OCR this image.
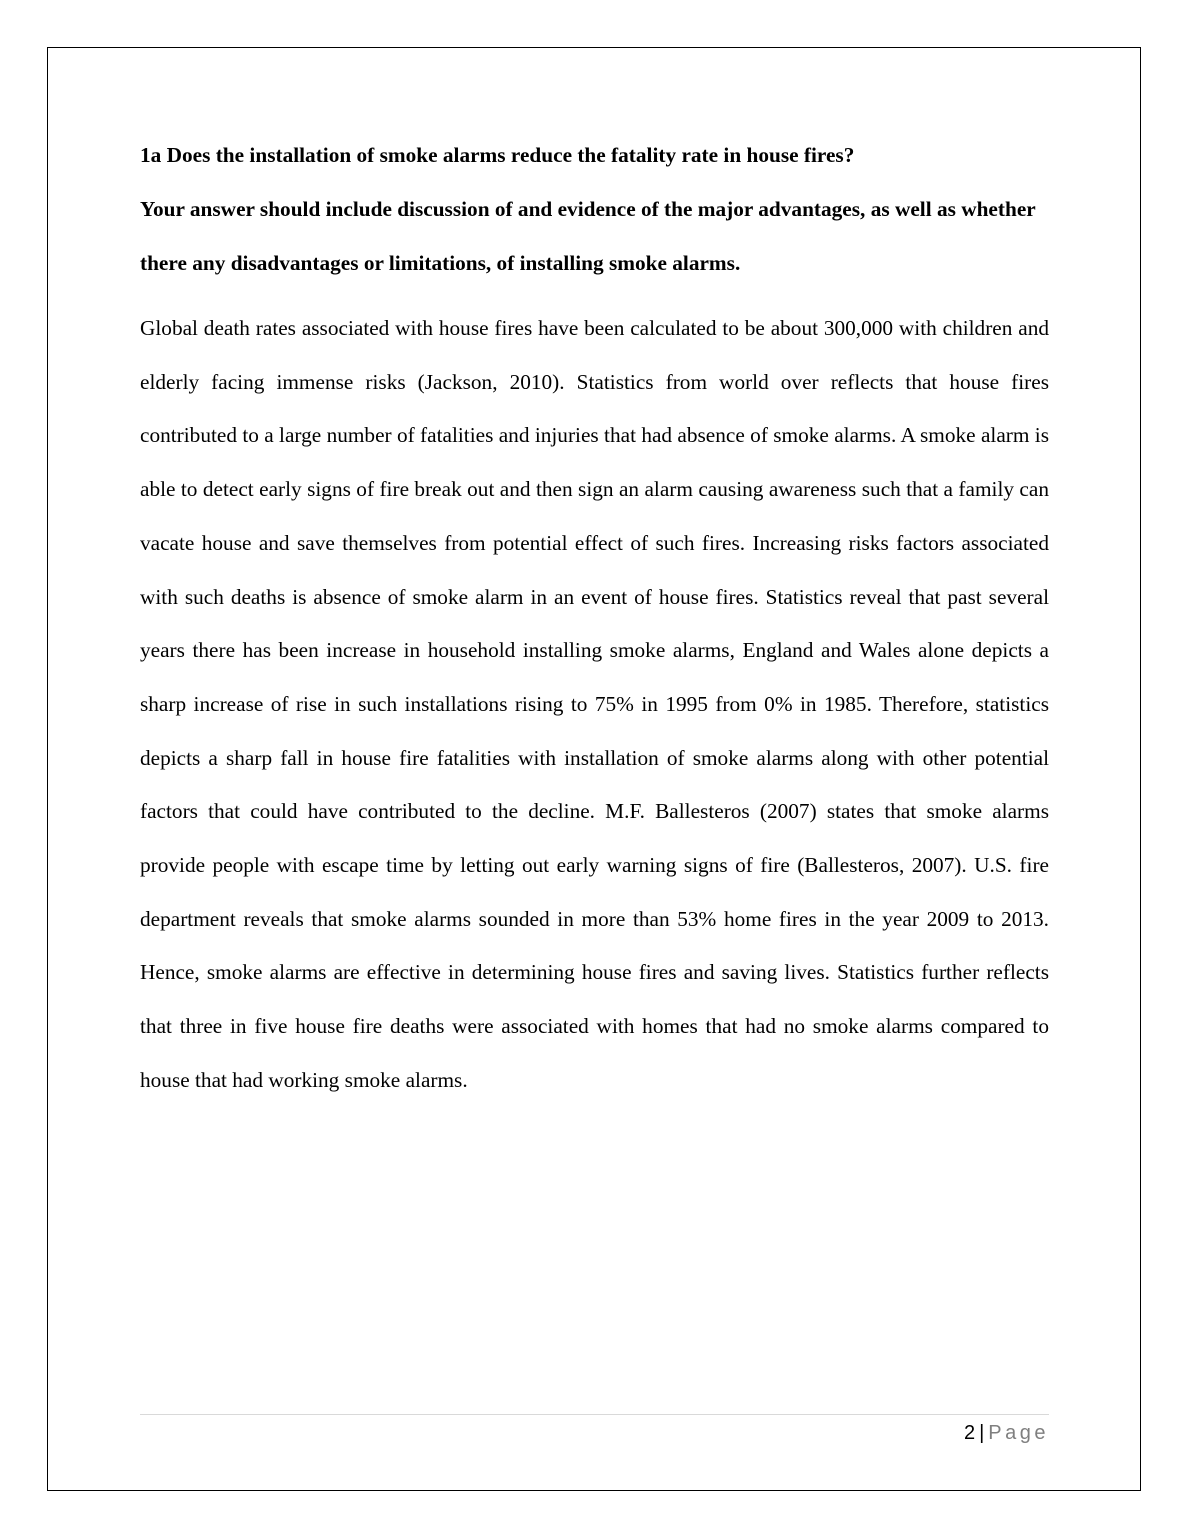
1a Does the installation of smoke alarms reduce the fatality rate in house fires?

Your answer should include discussion of and evidence of the major advantages, as well as whether there any disadvantages or limitations, of installing smoke alarms.

Global death rates associated with house fires have been calculated to be about 300,000 with children and elderly facing immense risks (Jackson, 2010). Statistics from world over reflects that house fires contributed to a large number of fatalities and injuries that had absence of smoke alarms. A smoke alarm is able to detect early signs of fire break out and then sign an alarm causing awareness such that a family can vacate house and save themselves from potential effect of such fires. Increasing risks factors associated with such deaths is absence of smoke alarm in an event of house fires. Statistics reveal that past several years there has been increase in household installing smoke alarms, England and Wales alone depicts a sharp increase of rise in such installations rising to 75% in 1995 from 0% in 1985. Therefore, statistics depicts a sharp fall in house fire fatalities with installation of smoke alarms along with other potential factors that could have contributed to the decline. M.F. Ballesteros (2007) states that smoke alarms provide people with escape time by letting out early warning signs of fire (Ballesteros, 2007). U.S. fire department reveals that smoke alarms sounded in more than 53% home fires in the year 2009 to 2013. Hence, smoke alarms are effective in determining house fires and saving lives. Statistics further reflects that three in five house fire deaths were associated with homes that had no smoke alarms compared to house that had working smoke alarms.

2 | Page
